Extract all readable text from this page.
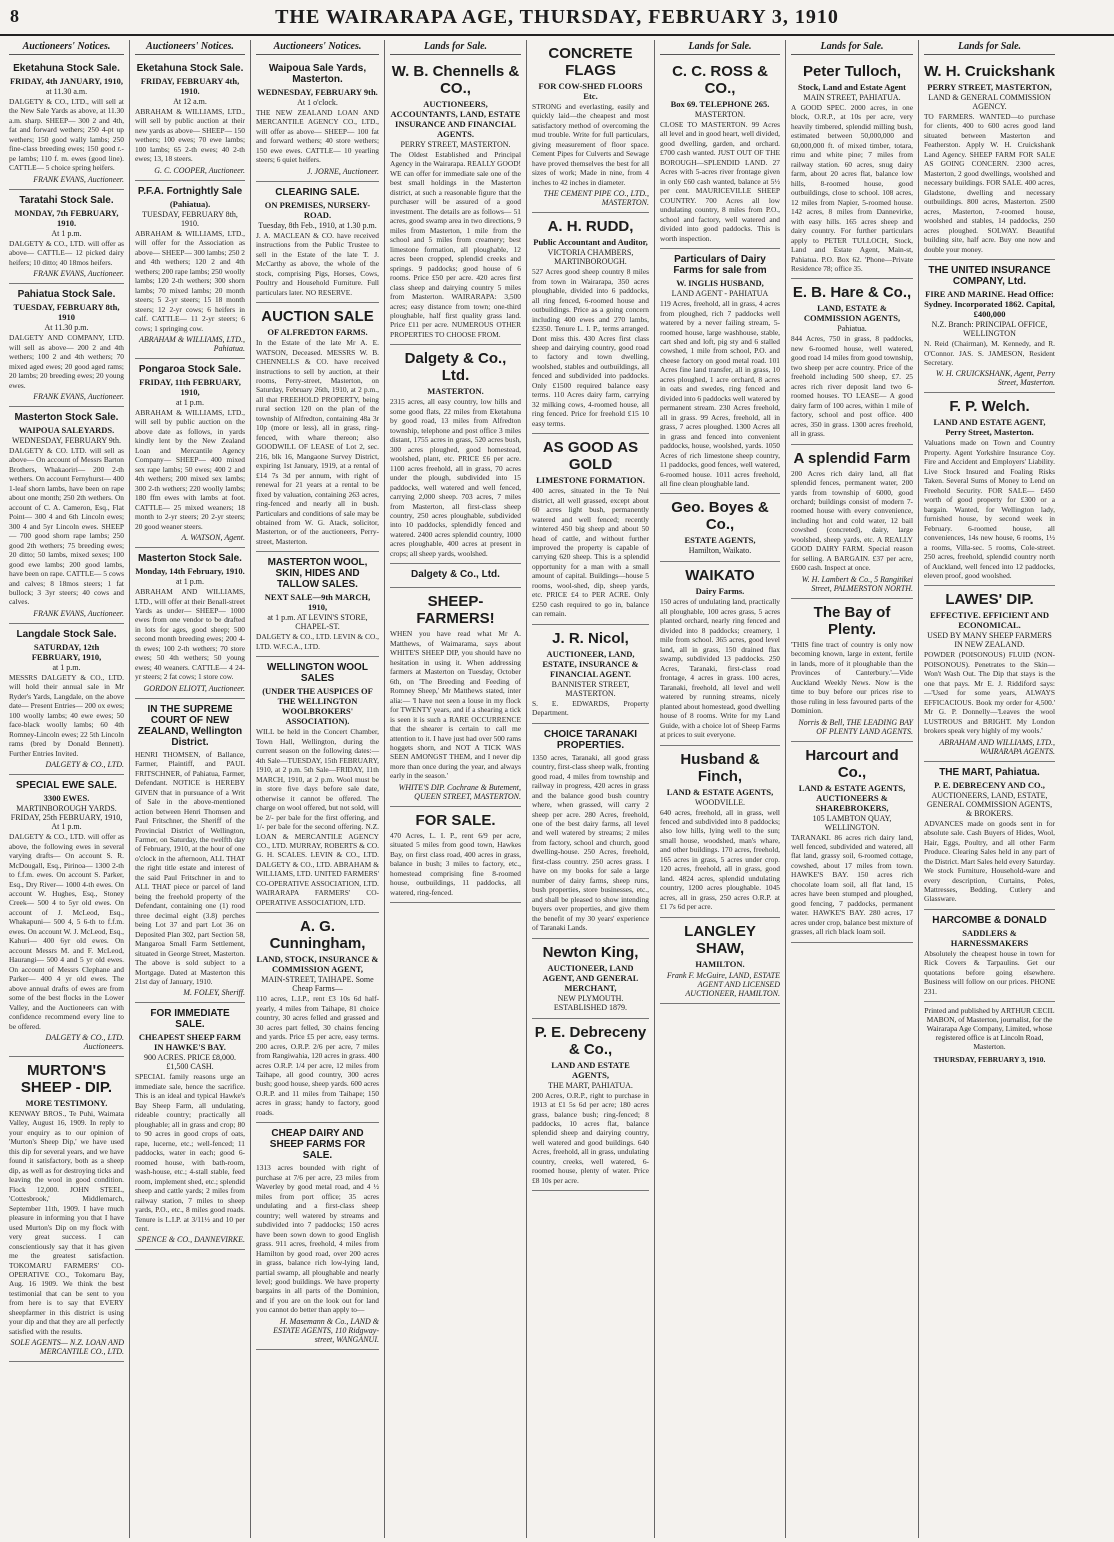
8	THE WAIRARAPA AGE, THURSDAY, FEBRUARY 3, 1910
Auctioneers' Notices.
Eketahuna Stock Sale.
FRIDAY, 4th JANUARY, 1910,
at 11.30 a.m.
DALGETY & CO., LTD., will sell at the New Sale Yards as above, at 11.30 a.m. sharp. SHEEP— 300 2 and 4th, fat and forward wethers; 250 4-pt up wethers; 150 good wally lambs; 250 fine-class breeding ewes; 150 good r.-pe lambs; 110 f. m. ewes (good line). CATTLE— 5 choice spring heifers.
FRANK EVANS, Auctioneer.
Taratahi Stock Sale.
MONDAY, 7th FEBRUARY, 1910.
At 1 p.m.
DALGETY & CO., LTD. will offer as above— CATTLE— 12 picked dairy heifers; 10 ditto; 40 18mos heifers.
FRANK EVANS, Auctioneer.
Pahiatua Stock Sale.
TUESDAY, FEBRUARY 8th, 1910
At 11.30 p.m.
DALGETY AND COMPANY, LTD. will sell as above— 200 2 and 4th wethers; 100 2 and 4th wethers; 70 mixed aged ewes; 20 good aged rams; 20 lambs; 20 breeding ewes; 20 young ewes.
FRANK EVANS, Auctioneer.
Masterton Stock Sale.
WAIPOUA SALEYARDS.
WEDNESDAY, FEBRUARY 9th.
DALGETY & CO. LTD. will sell as above— On account of Messrs Barton Brothers, Whakaoriri— 200 2-th wethers. On account Fernyhurst— 400 1-leaf shorn lambs, have been on rape about one month; 250 2th wethers. On account of C. A. Cameron, Esq., Flat Point— 300 4 and 6th Lincoln ewes; 300 4 and 5yr Lincoln ewes. SHEEP— 700 good shorn rape lambs; 250 good 2th wethers; 75 breeding ewes; 20 ditto; 50 lambs, mixed sexes; 100 good ewe lambs; 200 good lambs, have been on rape. CATTLE— 5 cows and calves; 8 18mos steers; 1 fat bullock; 3 3yr steers; 40 cows and calves.
FRANK EVANS, Auctioneer.
Langdale Stock Sale.
SATURDAY, 12th FEBRUARY, 1910,
at 1 p.m.
MESSRS DALGETY & CO., LTD. will hold their annual sale in Mr Ryder's Yards, Langdale, on the above date— Present Entries— 200 ox ewes; 100 woolly lambs; 40 ewe ewes; 50 face-black woolly lambs; 60 4th Romney-Lincoln ewes; 22 5th Lincoln rams (bred by Donald Bennett). Further Entries Invited.
DALGETY & CO., LTD.
SPECIAL EWE SALE.
3300 EWES.
MARTINBOROUGH YARDS. FRIDAY, 25th FEBRUARY, 1910, At 1 p.m.
DALGETY & CO., LTD. will offer as above, the following ewes in several varying drafts— On account S. R. McDougall, Esq., Pirinoa— 1300 2-th to f.f.m. ewes. On account S. Parker, Esq., Dry River— 1000 4-th ewes. On account W. Hughes, Esq., Stoney Creek— 500 4 to 5yr old ewes. On account of J. McLeod, Esq., Whakapuni— 500 4, 5 6-th to f.f.m. ewes. On account W. J. McLeod, Esq., Kahuri— 400 6yr old ewes. On account Messrs M. and F. McLeod, Haurangi— 500 4 and 5 yr old ewes. On account of Messrs Clephane and Parker— 400 4 yr old ewes. The above annual drafts of ewes are from some of the best flocks in the Lower Valley, and the Auctioneers can with confidence recommend every line to be offered.
DALGETY & CO., LTD. Auctioneers.
MURTON'S SHEEP - DIP.
MORE TESTIMONY.
KENWAY BROS., Te Puhi, Waimata Valley, August 16, 1909. In reply to your enquiry as to our opinion of 'Murton's Sheep Dip,' we have used this dip for several years, and we have found it satisfactory, both as a sheep dip, as well as for destroying ticks and leaving the wool in good condition. Flock 12,000. JOHN STEEL, 'Cottesbrook,' Middlemarch, September 11th, 1909. I have much pleasure in informing you that I have used Murton's Dip on my flock with very great success. I can conscientiously say that it has given me the greatest satisfaction. TOKOMARU FARMERS' CO-OPERATIVE CO., Tokomaru Bay, Aug. 16 1909. We think the best testimonial that can be sent to you from here is to say that EVERY sheepfarmer in this district is using your dip and that they are all perfectly satisfied with the results.
SOLE AGENTS— N.Z. LOAN AND MERCANTILE CO., LTD.
Auctioneers' Notices.
Eketahuna Stock Sale.
FRIDAY, FEBRUARY 4th, 1910.
At 12 a.m.
ABRAHAM & WILLIAMS, LTD., will sell by public auction at their new yards as above— SHEEP— 150 wethers; 100 ewes; 70 ewe lambs; 100 lambs; 65 2-th ewes; 40 2-th ewes; 13, 18 steers.
G. C. COOPER, Auctioneer.
P.F.A. Fortnightly Sale
(Pahiatua).
TUESDAY, FEBRUARY 8th, 1910.
ABRAHAM & WILLIAMS, LTD., will offer for the Association as above— SHEEP— 300 lambs; 250 2 and 4th wethers; 120 2 and 4th wethers; 200 rape lambs; 250 woolly lambs; 120 2-th wethers; 300 shorn lambs; 70 mixed lambs; 20 month steers; 5 2-yr steers; 15 18 month steers; 12 2-yr cows; 6 heifers in calf. CATTLE— 11 2-yr steers; 6 cows; 1 springing cow.
ABRAHAM & WILLIAMS, LTD., Pahiatua.
Pongaroa Stock Sale.
FRIDAY, 11th FEBRUARY, 1910,
at 1 p.m.
ABRAHAM & WILLIAMS, LTD., will sell by public auction on the above date as follows, in yards kindly lent by the New Zealand Loan and Mercantile Agency Company— SHEEP— 400 mixed sex rape lambs; 50 ewes; 400 2 and 4th wethers; 200 mixed sex lambs; 300 2-th wethers; 220 woolly lambs; 180 ffm ewes with lambs at foot. CATTLE— 25 mixed weaners; 18 month to 2-yr steers; 20 2-yr steers; 20 good weaner steers.
A. WATSON, Agent.
Masterton Stock Sale.
Monday, 14th February, 1910.
at 1 p.m.
ABRAHAM AND WILLIAMS, LTD., will offer at their Benall-street Yards as under— SHEEP— 1000 ewes from one vendor to be drafted in lots for ages, good sheep; 500 second month breeding ewes; 200 4-th ewes; 100 2-th wethers; 70 store ewes; 50 4th wethers; 50 young ewes; 40 weaners. CATTLE— 4 24-yr steers; 2 fat cows; 1 store cow.
GORDON ELIOTT, Auctioneer.
IN THE SUPREME COURT OF NEW ZEALAND, Wellington District.
HENRI THOMSEN, of Ballance, Farmer, Plaintiff, and PAUL FRITSCHNER, of Pahiatua, Farmer, Defendant. NOTICE is HEREBY GIVEN that in pursuance of a Writ of Sale in the above-mentioned action between Henri Thomsen and Paul Fritschner, the Sheriff of the Provincial District of Wellington, Farmer, on Saturday, the twelfth day of February, 1910, at the hour of one o'clock in the afternoon, ALL THAT the right title estate and interest of the said Paul Fritschner in and to ALL THAT piece or parcel of land being the freehold property of the Defendant, containing one (1) rood three decimal eight (3.8) perches being Lot 37 and part Lot 36 on Deposited Plan 302, part Section 58, Mangaroa Small Farm Settlement, situated in George Street, Masterton. The above is sold subject to a Mortgage. Dated at Masterton this 21st day of January, 1910.
M. FOLEY, Sheriff.
FOR IMMEDIATE SALE.
CHEAPEST SHEEP FARM IN HAWKE'S BAY.
900 ACRES. PRICE £8,000. £1,500 CASH.
SPECIAL family reasons urge an immediate sale, hence the sacrifice. This is an ideal and typical Hawke's Bay Sheep Farm, all undulating, rideable country; practically all ploughable; all in grass and crop; 80 to 90 acres in good crops of oats, rape, lucerne, etc.; well-fenced; 11 paddocks, water in each; good 6-roomed house, with bath-room, wash-house, etc.; 4-stall stable, feed room, implement shed, etc.; splendid sheep and cattle yards; 2 miles from railway station, 7 miles to sheep yards, P.O., etc., 8 miles good roads. Tenure is L.I.P. at 3/11½ and 10 per cent.
SPENCE & CO., DANNEVIRKE.
Auctioneers' Notices.
Waipoua Sale Yards, Masterton.
WEDNESDAY, FEBRUARY 9th.
At 1 o'clock.
THE NEW ZEALAND LOAN AND MERCANTILE AGENCY CO., LTD., will offer as above— SHEEP— 100 fat and forward wethers; 40 store wethers; 150 ewe ewes. CATTLE— 10 yearling steers; 6 quiet heifers.
J. JORNE, Auctioneer.
CLEARING SALE.
ON PREMISES, NURSERY-ROAD.
Tuesday, 8th Feb., 1910, at 1.30 p.m.
J. A. MACLEAN & CO. have received instructions from the Public Trustee to sell in the Estate of the late T. J. McCarthy as above, the whole of the stock, comprising Pigs, Horses, Cows, Poultry and Household Furniture. Full particulars later. NO RESERVE.
AUCTION SALE
OF ALFREDTON FARMS.
In the Estate of the late Mr A. E. WATSON, Deceased. MESSRS W. B. CHENNELLS & CO. have received instructions to sell by auction, at their rooms, Perry-street, Masterton, on Saturday, February 26th, 1910, at 2 p.m., all that FREEHOLD PROPERTY, being rural section 120 on the plan of the township of Alfredton, containing 48a 3r 10p (more or less), all in grass, ring-fenced, with whare thereon; also GOODWILL OF LEASE of Lot 2, sec. 216, blk 16, Mangaone Survey District, expiring 1st January, 1919, at a rental of £14 7s 3d per annum, with right of renewal for 21 years at a rental to be fixed by valuation, containing 263 acres, ring-fenced and nearly all in bush. Particulars and conditions of sale may be obtained from W. G. Atack, solicitor, Masterton, or of the auctioneers, Perry-street, Masterton.
MASTERTON WOOL, SKIN, HIDES AND TALLOW SALES.
NEXT SALE—9th MARCH, 1910,
at 1 p.m. AT LEVIN'S STORE, CHAPEL-ST.
DALGETY & CO., LTD. LEVIN & CO., LTD. W.F.C.A., LTD.
WELLINGTON WOOL SALES
(UNDER THE AUSPICES OF THE WELLINGTON WOOLBROKERS' ASSOCIATION).
WILL be held in the Concert Chamber, Town Hall, Wellington, during the current season on the following dates:— 4th Sale—TUESDAY, 15th FEBRUARY, 1910, at 2 p.m. 5th Sale—FRIDAY, 11th MARCH, 1910, at 2 p.m. Wool must be in store five days before sale date, otherwise it cannot be offered. The charge on wool offered, but not sold, will be 2/- per bale for the first offering, and 1/- per bale for the second offering. N.Z. LOAN & MERCANTILE AGENCY CO., LTD. MURRAY, ROBERTS & CO. G. H. SCALES. LEVIN & CO., LTD. DALGETY & CO., LTD. ABRAHAM & WILLIAMS, LTD. UNITED FARMERS' CO-OPERATIVE ASSOCIATION, LTD. WAIRARAPA FARMERS' CO-OPERATIVE ASSOCIATION, LTD.
A. G. Cunningham,
LAND, STOCK, INSURANCE & COMMISSION AGENT,
MAIN-STREET, TAIHAPE. Some Cheap Farms—
110 acres, L.I.P., rent £3 10s 6d half-yearly, 4 miles from Taihape, 81 choice country, 30 acres felled and grassed and 30 acres part felled, 30 chains fencing and yards. Price £5 per acre, easy terms. 200 acres, O.R.P. 2/6 per acre, 7 miles from Rangiwahia, 120 acres in grass. 400 acres O.R.P. 1/4 per acre, 12 miles from Taihape, all good country, 300 acres bush; good house, sheep yards. 600 acres O.R.P. and 11 miles from Taihape; 150 acres in grass; handy to factory, good roads.
CHEAP DAIRY AND SHEEP FARMS FOR SALE.
1313 acres bounded with right of purchase at 7/6 per acre, 23 miles from Waverley by good metal road, and 4 ½ miles from port office; 35 acres undulating and a first-class sheep country; well watered by streams and subdivided into 7 paddocks; 150 acres have been sown down to good English grass. 911 acres, freehold, 4 miles from Hamilton by good road, over 200 acres in grass, balance rich low-lying land, partial swamp, all ploughable and nearly level; good buildings. We have property bargains in all parts of the Dominion, and if you are on the look out for land you cannot do better than apply to—
H. Masemann & Co., LAND & ESTATE AGENTS, 110 Ridgway-street, WANGANUI.
Lands for Sale.
W. B. Chennells & CO.,
AUCTIONEERS, ACCOUNTANTS, LAND, ESTATE INSURANCE AND FINANCIAL AGENTS.
PERRY STREET, MASTERTON.
The Oldest Established and Principal Agency in the Wairarapa. REALLY GOOD! WE can offer for immediate sale one of the best small holdings in the Masterton district, at such a reasonable figure that the purchaser will be assured of a good investment. The details are as follows— 51 acres, good swamp area in two directions, 9 miles from Masterton, 1 mile from the school and 5 miles from creamery; best limestone formation, all ploughable, 12 acres been cropped, splendid creeks and springs. 9 paddocks; good house of 6 rooms. Price £50 per acre. 420 acres first class sheep and dairying country 5 miles from Masterton. WAIRARAPA: 3,500 acres; easy distance from town; one-third ploughable, half first quality grass land. Price £11 per acre. NUMEROUS OTHER PROPERTIES TO CHOOSE FROM.
Dalgety & Co., Ltd.
MASTERTON.
2315 acres, all easy country, low hills and some good flats, 22 miles from Eketahuna by good road, 13 miles from Alfredton township, telephone and post office 3 miles distant, 1755 acres in grass, 520 acres bush, 300 acres ploughed, good homestead, woolshed, plant, etc. PRICE £6 per acre. 1100 acres freehold, all in grass, 70 acres under the plough, subdivided into 15 paddocks, well watered and well fenced, carrying 2,000 sheep. 703 acres, 7 miles from Masterton, all first-class sheep country, 250 acres ploughable, subdivided into 10 paddocks, splendidly fenced and watered. 2400 acres splendid country, 1000 acres ploughable, 400 acres at present in crops; all sheep yards, woolshed.
Dalgety & Co., Ltd.
SHEEP-FARMERS!
WHEN you have read what Mr A. Matthews, of Waimarama, says about WHITE'S SHEEP DIP, you should have no hesitation in using it. When addressing farmers at Masterton on Tuesday, October 6th, on 'The Breeding and Feeding of Romney Sheep,' Mr Matthews stated, inter alia:— 'I have not seen a louse in my flock for TWENTY years, and if a shearing a tick is seen it is such a RARE OCCURRENCE that the shearer is certain to call me attention to it. I have just had over 500 rams hoggets shorn, and NOT A TICK WAS SEEN AMONGST THEM, and I never dip more than once during the year, and always early in the season.'
WHITE'S DIP. Cochrane & Butement, QUEEN STREET, MASTERTON.
FOR SALE.
470 Acres, L. I. P., rent 6/9 per acre, situated 5 miles from good town, Hawkes Bay, on first class road, 400 acres in grass, balance in bush; 3 miles to factory, etc., homestead comprising fine 8-roomed house, outbuildings, 11 paddocks, all watered, ring-fenced.
CONCRETE FLAGS
FOR COW-SHED FLOORS Etc.
STRONG and everlasting, easily and quickly laid—the cheapest and most satisfactory method of overcoming the mud trouble. Write for full particulars, giving measurement of floor space. Cement Pipes for Culverts and Sewage have proved themselves the best for all sizes of work; Made in nine, from 4 inches to 42 inches in diameter.
THE CEMENT PIPE CO., LTD., MASTERTON.
A. H. RUDD,
Public Accountant and Auditor,
VICTORIA CHAMBERS, MARTINBOROUGH.
527 Acres good sheep country 8 miles from town in Wairarapa, 350 acres ploughable, divided into 6 paddocks, all ring fenced, 6-roomed house and outbuildings. Price as a going concern including 400 ewes and 270 lambs, £2350. Tenure L. I. P., terms arranged. Dont miss this. 430 Acres first class sheep and dairying country, good road to factory and town dwelling, woolshed, stables and outbuildings, all fenced and subdivided into paddocks. Only £1500 required balance easy terms. 110 Acres dairy farm, carrying 32 milking cows, 4-roomed house, all ring fenced. Price for freehold £15 10 easy terms.
AS GOOD AS GOLD
LIMESTONE FORMATION.
400 acres, situated in the Te Nui district, all well grassed, except about 60 acres light bush, permanently watered and well fenced; recently wintered 450 big sheep and about 50 head of cattle, and without further improved the property is capable of carrying 620 sheep. This is a splendid opportunity for a man with a small amount of capital. Buildings—house 5 rooms, wool-shed, dip, sheep yards, etc. PRICE £4 to PER ACRE. Only £250 cash required to go in, balance can remain.
J. R. Nicol,
AUCTIONEER, LAND, ESTATE, INSURANCE & FINANCIAL AGENT.
BANNISTER STREET, MASTERTON.
S. E. EDWARDS, Property Department.
CHOICE TARANAKI PROPERTIES.
1350 acres, Taranaki, all good grass country, first-class sheep walk, fronting good road, 4 miles from township and railway in progress, 420 acres in grass and the balance good bush country where, when grassed, will carry 2 sheep per acre. 280 Acres, freehold, one of the best dairy farms, all level and well watered by streams; 2 miles from factory, school and church, good dwelling-house. 250 Acres, freehold, first-class country. 250 acres grass. I have on my books for sale a large number of dairy farms, sheep runs, bush properties, store businesses, etc., and shall be pleased to show intending buyers over properties, and give them the benefit of my 30 years' experience of Taranaki Lands.
Newton King,
AUCTIONEER, LAND AGENT, AND GENERAL MERCHANT,
NEW PLYMOUTH. ESTABLISHED 1879.
P. E. Debreceny & Co.,
LAND AND ESTATE AGENTS,
THE MART, PAHIATUA.
200 Acres, O.R.P., right to purchase in 1913 at £1 5s 6d per acre; 180 acres grass, balance bush; ring-fenced; 8 paddocks, 10 acres flat, balance splendid sheep and dairying country, well watered and good buildings. 640 Acres, freehold, all in grass, undulating country, creeks, well watered, 6-roomed house, plenty of water. Price £8 10s per acre.
Lands for Sale.
C. C. ROSS & CO.,
Box 69. TELEPHONE 265.
MASTERTON.
CLOSE TO MASTERTON. 99 Acres all level and in good heart, well divided, good dwelling, garden, and orchard. £700 cash wanted. JUST OUT OF THE BOROUGH—SPLENDID LAND. 27 Acres with 5-acres river frontage given in only £60 cash wanted, balance at 5½ per cent. MAURICEVILLE SHEEP COUNTRY. 700 Acres all low undulating country, 8 miles from P.O., school and factory, well watered and divided into good paddocks. This is worth inspection.
Particulars of Dairy Farms for sale from
W. INGLIS HUSBAND,
LAND AGENT - PAHIATUA
119 Acres, freehold, all in grass, 4 acres from ploughed, rich 7 paddocks well watered by a never failing stream, 5-roomed house, large washhouse, stable, cart shed and loft, pig sty and 6 stalled cowshed, 1 mile from school, P.O. and cheese factory on good metal road. 101 Acres fine land transfer, all in grass, 10 acres ploughed, 1 acre orchard, 8 acres in oats and swedes, ring fenced and divided into 6 paddocks well watered by permanent stream. 230 Acres freehold, all in grass. 99 Acres, freehold, all in grass, 7 acres ploughed. 1300 Acres all in grass and fenced into convenient paddocks, house, woolshed, yards. 1050 Acres of rich limestone sheep country, 11 paddocks, good fences, well watered, 6-roomed house. 1011 acres freehold, all fine clean ploughable land.
Geo. Boyes & Co.,
ESTATE AGENTS,
Hamilton, Waikato.
WAIKATO
Dairy Farms.
150 acres of undulating land, practically all ploughable, 100 acres grass, 5 acres planted orchard, nearly ring fenced and divided into 8 paddocks; creamery, 1 mile from school. 365 acres, good level land, all in grass, 150 drained flax swamp, subdivided 13 paddocks. 250 Acres, Taranaki, first-class road frontage, 4 acres in grass. 100 acres, Taranaki, freehold, all level and well watered by running streams, nicely planted about homestead, good dwelling house of 8 rooms. Write for my Land Guide, with a choice lot of Sheep Farms at prices to suit everyone.
Husband & Finch,
LAND & ESTATE AGENTS,
WOODVILLE.
640 acres, freehold, all in grass, well fenced and subdivided into 8 paddocks; also low hills, lying well to the sun; small house, woodshed, man's whare, and other buildings. 170 acres, freehold, 165 acres in grass, 5 acres under crop. 120 acres, freehold, all in grass, good land. 4824 acres, splendid undulating country, 1200 acres ploughable. 1045 acres, all in grass, 250 acres O.R.P. at £1 7s 6d per acre.
LANGLEY SHAW,
HAMILTON.
Frank F. McGuire, LAND, ESTATE AGENT AND LICENSED AUCTIONEER, HAMILTON.
Lands for Sale.
Peter Tulloch,
Stock, Land and Estate Agent
MAIN STREET, PAHIATUA.
A GOOD SPEC. 2000 acres, in one block, O.R.P., at 10s per acre, very heavily timbered, splendid milling bush, estimated between 50,000,000 and 60,000,000 ft. of mixed timber, totara, rimu and white pine; 7 miles from railway station. 60 acres, snug dairy farm, about 20 acres flat, balance low hills, 8-roomed house, good outbuildings, close to school. 108 acres, 12 miles from Napier, 5-roomed house. 142 acres, 8 miles from Dannevirke, with easy hills. 165 acres sheep and dairy country. For further particulars apply to PETER TULLOCH, Stock, Land and Estate Agent, Main-st, Pahiatua. P.O. Box 62. 'Phone—Private Residence 78; office 35.
E. B. Hare & Co.,
LAND, ESTATE & COMMISSION AGENTS,
Pahiatua.
844 Acres, 750 in grass, 8 paddocks, new 6-roomed house, well watered, good road 14 miles from good township, two sheep per acre country. Price of the freehold including 500 sheep, £7. 25 acres rich river deposit land two 6-roomed houses. TO LEASE— A good dairy farm of 100 acres, within 1 mile of factory, school and post office. 400 acres, 350 in grass. 1300 acres freehold, all in grass.
A splendid Farm
200 Acres rich dairy land, all flat splendid fences, permanent water, 200 yards from township of 6000, good orchard; buildings consist of modern 7-roomed house with every convenience, including hot and cold water, 12 bail cowshed (concreted), dairy, large woolshed, sheep yards, etc. A REALLY GOOD DAIRY FARM. Special reason for selling. A BARGAIN. £37 per acre, £600 cash. Inspect at once.
W. H. Lambert & Co., 5 Rangitikei Street, PALMERSTON NORTH.
The Bay of Plenty.
'THIS fine tract of country is only now becoming known, large in extent, fertile in lands, more of it ploughable than the Provinces of Canterbury.'—Vide Auckland Weekly News. Now is the time to buy before our prices rise to those ruling in less favoured parts of the Dominion.
Norris & Bell, THE LEADING BAY OF PLENTY LAND AGENTS.
Harcourt and Co.,
LAND & ESTATE AGENTS, AUCTIONEERS & SHAREBROKERS,
105 LAMBTON QUAY, WELLINGTON.
TARANAKI. 86 acres rich dairy land, well fenced, subdivided and watered, all flat land, grassy soil, 6-roomed cottage, cowshed, about 17 miles from town. HAWKE'S BAY. 150 acres rich chocolate loam soil, all flat land, 15 acres have been stumped and ploughed, good fencing, 7 paddocks, permanent water. HAWKE'S BAY. 280 acres, 17 acres under crop, balance best mixture of grasses, all rich black loam soil.
Lands for Sale.
W. H. Cruickshank
PERRY STREET, MASTERTON,
LAND & GENERAL COMMISSION AGENCY.
TO FARMERS. WANTED—to purchase for clients, 400 to 600 acres good land situated between Masterton and Featherston. Apply W. H. Cruickshank Land Agency. SHEEP FARM FOR SALE AS GOING CONCERN. 2300 acres, Masterton, 2 good dwellings, woolshed and necessary buildings. FOR SALE. 400 acres, Gladstone, dwelling and necessary outbuildings. 800 acres, Masterton. 2500 acres, Masterton, 7-roomed house, woolshed and stables, 14 paddocks, 250 acres ploughed. SOLWAY. Beautiful building site, half acre. Buy one now and double your money.
THE UNITED INSURANCE COMPANY, Ltd.
FIRE AND MARINE. Head Office: Sydney. Incorporated 1862. Capital, £400,000
N.Z. Branch: PRINCIPAL OFFICE, WELLINGTON
N. Reid (Chairman), M. Kennedy, and R. O'Connor. JAS. S. JAMESON, Resident Secretary.
W. H. CRUICKSHANK, Agent, Perry Street, Masterton.
F. P. Welch.
LAND AND ESTATE AGENT, Perry Street, Masterton.
Valuations made on Town and Country Property. Agent Yorkshire Insurance Coy. Fire and Accident and Employers' Liability. Live Stock Insured and Foaling Risks Taken. Several Sums of Money to Lend on Freehold Security. FOR SALE— £450 worth of good property for £300 or a bargain. Wanted, for Wellington lady, furnished house, by second week in February. 6-roomed house, all conveniences, 14s new house, 6 rooms, 1½ a rooms, Villa-sec. 5 rooms, Cole-street. 250 acres, freehold, splendid country north of Auckland, well fenced into 12 paddocks, eleven proof, good woolshed.
LAWES' DIP.
EFFECTIVE. EFFICIENT AND ECONOMICAL.
USED BY MANY SHEEP FARMERS IN NEW ZEALAND.
POWDER (POISONOUS) FLUID (NON-POISONOUS). Penetrates to the Skin—Won't Wash Out. The Dip that stays is the one that pays. Mr E. J. Riddiford says:—'Used for some years, ALWAYS EFFICACIOUS. Book my order for 4,500.' Mr G. P. Donnelly—'Leaves the wool LUSTROUS and BRIGHT. My London brokers speak very highly of my wools.'
ABRAHAM AND WILLIAMS, LTD., WAIRARAPA AGENTS.
THE MART, Pahiatua.
P. E. DEBRECENY AND CO.,
AUCTIONEERS, LAND, ESTATE, GENERAL COMMISSION AGENTS, & BROKERS.
ADVANCES made on goods sent in for absolute sale. Cash Buyers of Hides, Wool, Hair, Eggs, Poultry, and all other Farm Produce. Clearing Sales held in any part of the District. Mart Sales held every Saturday. We stock Furniture, Household-ware and every description, Curtains, Poles, Mattresses, Bedding, Cutlery and Glassware.
HARCOMBE & DONALD
SADDLERS & HARNESSMAKERS
Absolutely the cheapest house in town for Rick Covers & Tarpaulins. Get our quotations before going elsewhere. Business will follow on our prices. PHONE 231.
Printed and published by ARTHUR CECIL MABON, of Masterton, journalist, for the Wairarapa Age Company, Limited, whose registered office is at Lincoln Road, Masterton.
THURSDAY, FEBRUARY 3, 1910.
